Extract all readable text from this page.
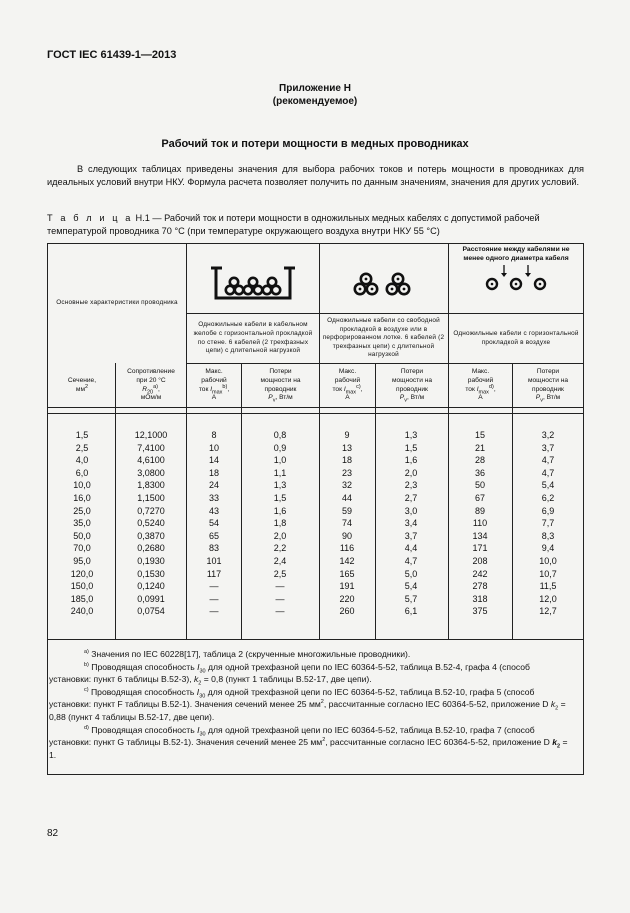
ГОСТ IEC 61439-1—2013
Приложение Н
(рекомендуемое)
Рабочий ток и потери мощности в медных проводниках

В следующих таблицах приведены значения для выбора рабочих токов и потерь мощности в проводниках для идеальных условий внутри НКУ. Формула расчета позволяет получить по данным значениям, значения для других условий.

Т а б л и ц а Н.1 — Рабочий ток и потери мощности в одножильных медных кабелях с допустимой рабочей температурой проводника 70 °С (при температуре окружающего воздуха внутри НКУ 55 °С)
Основные характеристики проводника
Расстояние между кабелями не менее одного диаметра кабеля
Одножильные кабели в кабельном желобе с горизонтальной прокладкой по стене. 6 кабелей (2 трехфазных цепи) с длительной нагрузкой
Одножильные кабели со свободной прокладкой в воздухе или в перфорированном лотке. 6 кабелей (2 трехфазных цепи) с длительной нагрузкой
Одножильные кабели с горизонтальной прокладкой в воздухе
Сечение,
$мм^2$
Сопротивление
при 20 °С
$R_{20}^{a)}$,
мОм/м
Макс.
рабочий
ток $I_{max}^{b)}$,
А
Потери
мощности на
проводник
$P_v$, Вт/м
Макс.
рабочий
ток $I_{max}^{c)}$,
А
Потери
мощности на
проводник
$P_v$, Вт/м
Макс.
рабочий
ток $I_{max}^{d)}$,
А
Потери
мощности на
проводник
$P_v$, Вт/м
1,5	12,1000	8	0,8	9	1,3	15	3,2
2,5	7,4100	10	0,9	13	1,5	21	3,7
4,0	4,6100	14	1,0	18	1,6	28	4,7
6,0	3,0800	18	1,1	23	2,0	36	4,7
10,0	1,8300	24	1,3	32	2,3	50	5,4
16,0	1,1500	33	1,5	44	2,7	67	6,2
25,0	0,7270	43	1,6	59	3,0	89	6,9
35,0	0,5240	54	1,8	74	3,4	110	7,7
50,0	0,3870	65	2,0	90	3,7	134	8,3
70,0	0,2680	83	2,2	116	4,4	171	9,4
95,0	0,1930	101	2,4	142	4,7	208	10,0
120,0	0,1530	117	2,5	165	5,0	242	10,7
150,0	0,1240	—	—	191	5,4	278	11,5
185,0	0,0991	—	—	220	5,7	318	12,0
240,0	0,0754	—	—	260	6,1	375	12,7

$^{a)}$ Значения по IEC 60228[17], таблица 2 (скрученные многожильные проводники).

$^{b)}$ Проводящая способность $I_{30}$ для одной трехфазной цепи по IEC 60364-5-52, таблица B.52-4, графа 4 (способ установки: пункт 6 таблицы B.52-3), $k_2 = 0,8$ (пункт 1 таблицы B.52-17, две цепи).

$^{c)}$ Проводящая способность $I_{30}$ для одной трехфазной цепи по IEC 60364-5-52, таблица B.52-10, графа 5 (способ установки: пункт F таблицы B.52-1). Значения сечений менее 25 $мм^2$, рассчитанные согласно IEC 60364-5-52, приложение D $k_2 = 0,88$ (пункт 4 таблицы B.52-17, две цепи).

$^{d)}$ Проводящая способность $I_{30}$ для одной трехфазной цепи по IEC 60364-5-52, таблица B.52-10, графа 7 (способ установки: пункт G таблицы B.52-1). Значения сечений менее 25 $мм^2$, рассчитанные согласно IEC 60364-5-52, приложение D $k_2 = 1$.

82
